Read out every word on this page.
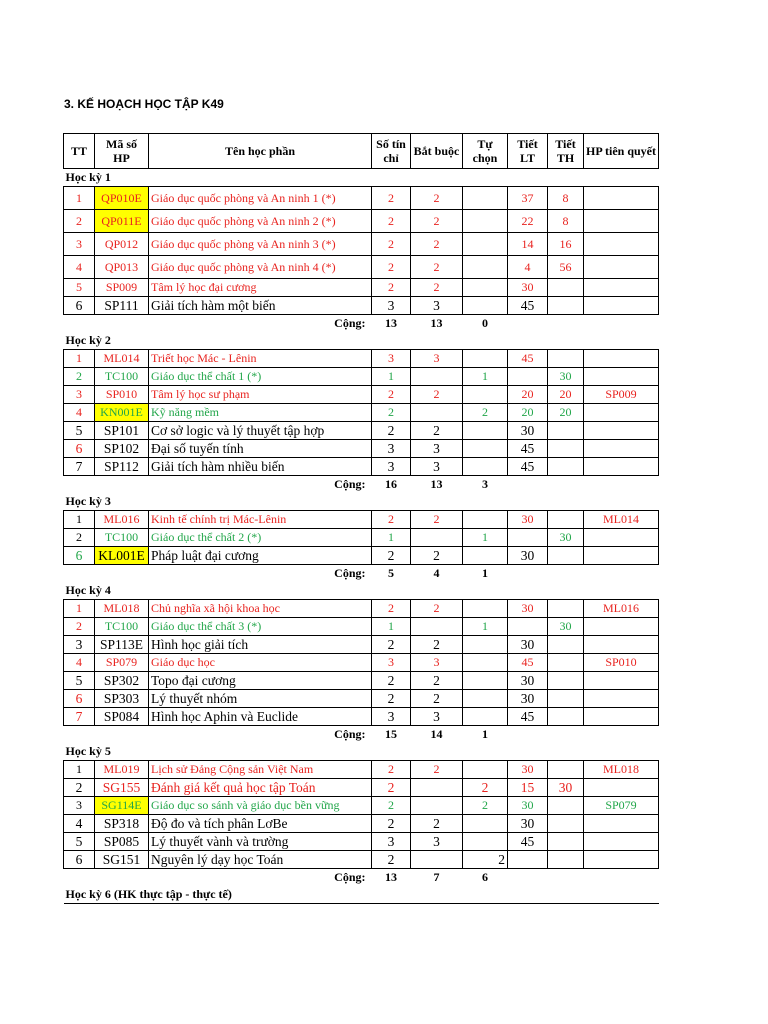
3. KẾ HOẠCH HỌC TẬP K49
TT	Mã số HP	Tên học phần	Số tín chỉ	Bắt buộc	Tự chọn	Tiết LT	Tiết TH	HP tiên quyết
Học kỳ 1								
1	QP010E	Giáo dục quốc phòng và An ninh 1 (*)	2	2		37	8	
2	QP011E	Giáo dục quốc phòng và An ninh 2 (*)	2	2		22	8	
3	QP012	Giáo dục quốc phòng và An ninh 3 (*)	2	2		14	16	
4	QP013	Giáo dục quốc phòng và An ninh 4 (*)	2	2		4	56	
5	SP009	Tâm lý học đại cương	2	2		30		
6	SP111	Giải tích hàm một biến	3	3		45		
Cộng:			13	13	0			
Học kỳ 2								
1	ML014	Triết học Mác - Lênin	3	3		45		
2	TC100	Giáo dục thể chất 1 (*)	1		1		30	
3	SP010	Tâm lý học sư phạm	2	2		20	20	SP009
4	KN001E	Kỹ năng mềm	2		2	20	20	
5	SP101	Cơ sở logic và lý thuyết tập hợp	2	2		30		
6	SP102	Đại số tuyến tính	3	3		45		
7	SP112	Giải tích hàm nhiều biến	3	3		45		
Cộng:			16	13	3			
Học kỳ 3								
1	ML016	Kinh tế chính trị Mác-Lênin	2	2		30		ML014
2	TC100	Giáo dục thể chất 2 (*)	1		1		30	
6	KL001E	Pháp luật đại cương	2	2		30		
Cộng:			5	4	1			
Học kỳ 4								
1	ML018	Chủ nghĩa xã hội khoa học	2	2		30		ML016
2	TC100	Giáo dục thể chất 3 (*)	1		1		30	
3	SP113E	Hình học giải tích	2	2		30		
4	SP079	Giáo dục học	3	3		45		SP010
5	SP302	Topo đại cương	2	2		30		
6	SP303	Lý thuyết nhóm	2	2		30		
7	SP084	Hình học Aphin và Euclide	3	3		45		
Cộng:			15	14	1			
Học kỳ 5								
1	ML019	Lịch sử Đảng Cộng sản Việt Nam	2	2		30		ML018
2	SG155	Đánh giá kết quả học tập Toán	2		2	15	30	
3	SG114E	Giáo dục so sánh và giáo dục bền vững	2		2	30		SP079
4	SP318	Độ đo và tích phân LơBe	2	2		30		
5	SP085	Lý thuyết vành và trường	3	3		45		
6	SG151	Nguyên lý dạy học Toán	2		2			
Cộng:			13	7	6			
Học kỳ 6 (HK thực tập - thực tế)								
